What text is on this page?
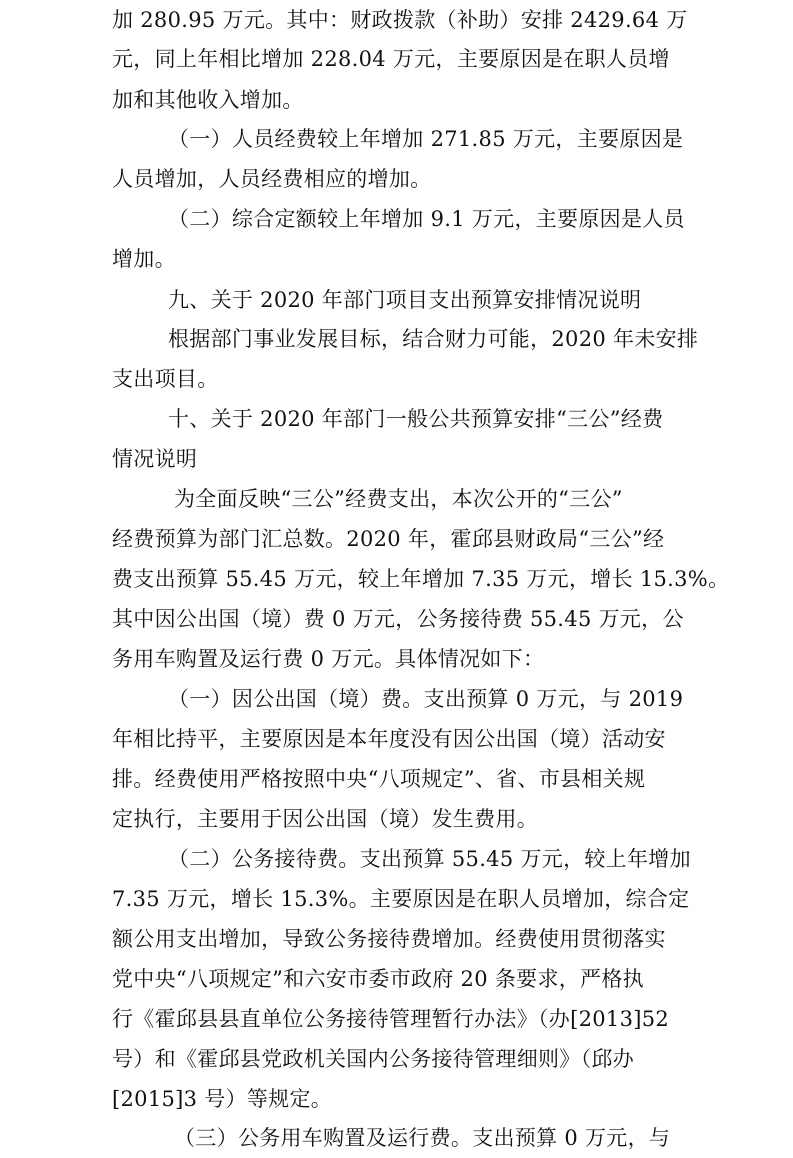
加 280.95 万元。其中：财政拨款（补助）安排 2429.64 万
元，同上年相比增加 228.04 万元，主要原因是在职人员增
加和其他收入增加。
（一）人员经费较上年增加 271.85 万元，主要原因是
人员增加，人员经费相应的增加。
（二）综合定额较上年增加 9.1 万元，主要原因是人员
增加。
九、关于 2020 年部门项目支出预算安排情况说明
根据部门事业发展目标，结合财力可能，2020 年未安排
支出项目。
十、关于 2020 年部门一般公共预算安排“三公”经费
情况说明
为全面反映“三公”经费支出，本次公开的“三公”
经费预算为部门汇总数。2020 年，霍邱县财政局“三公”经
费支出预算 55.45 万元，较上年增加 7.35 万元，增长 15.3%。
其中因公出国（境）费 0 万元，公务接待费 55.45 万元，公
务用车购置及运行费 0 万元。具体情况如下：
（一）因公出国（境）费。支出预算 0 万元，与 2019
年相比持平，主要原因是本年度没有因公出国（境）活动安
排。经费使用严格按照中央“八项规定”、省、市县相关规
定执行，主要用于因公出国（境）发生费用。
（二）公务接待费。支出预算 55.45 万元，较上年增加
7.35 万元，增长 15.3%。主要原因是在职人员增加，综合定
额公用支出增加，导致公务接待费增加。经费使用贯彻落实
党中央“八项规定”和六安市委市政府 20 条要求，严格执
行《霍邱县县直单位公务接待管理暂行办法》（办[2013]52
号）和《霍邱县党政机关国内公务接待管理细则》（邱办
[2015]3 号）等规定。
（三）公务用车购置及运行费。支出预算 0 万元，与
